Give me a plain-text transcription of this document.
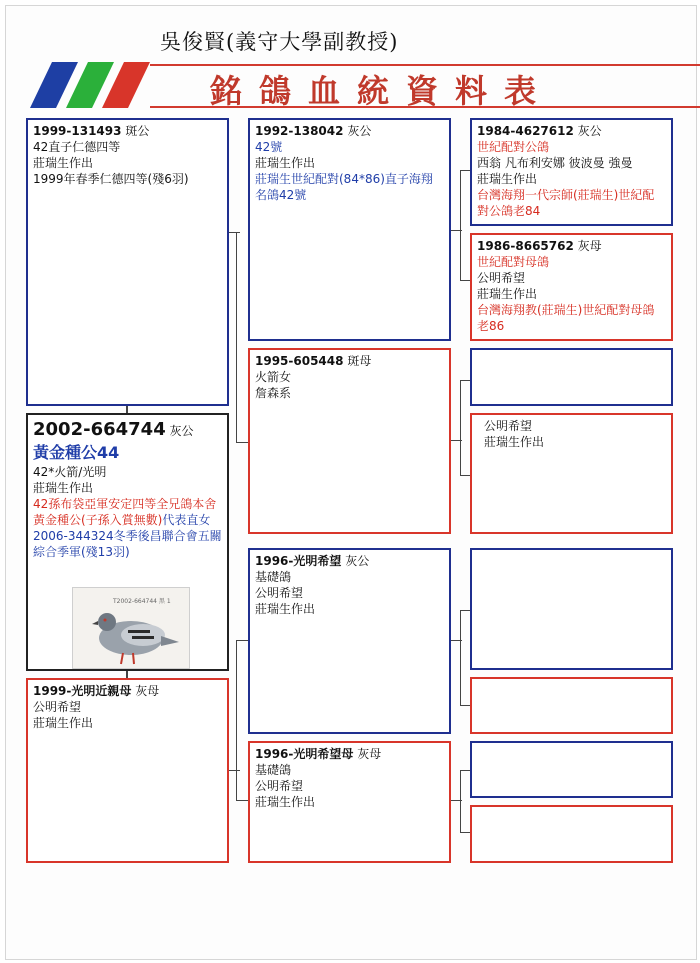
吳俊賢(義守大學副教授)
銘鴿血統資料表
1999-131493 斑公
42直子仁德四等
莊瑞生作出
1999年春季仁德四等(殘6羽)
2002-664744 灰公
黃金種公44
42*火箭/光明
莊瑞生作出
42孫布袋亞軍安定四等全兄鴿本舍黃金種公(子孫入賞無數)代表直女2006-344324冬季後昌聯合會五關綜合季軍(殘13羽)
T2002-664744 黑 1
1999-光明近親母 灰母
公明希望
莊瑞生作出
1992-138042 灰公
42號
莊瑞生作出
莊瑞生世紀配對(84*86)直子海翔名鴿42號
1995-605448 斑母
火箭女
詹森系
1996-光明希望 灰公
基礎鴿
公明希望
莊瑞生作出
1996-光明希望母 灰母
基礎鴿
公明希望
莊瑞生作出
1984-4627612 灰公
世紀配對公鴿
西翁 凡布利安娜 彼波曼 強曼
莊瑞生作出
台灣海翔一代宗師(莊瑞生)世紀配對公鴿老84
1986-8665762 灰母
世紀配對母鴿
公明希望
莊瑞生作出
台灣海翔教(莊瑞生)世紀配對母鴿老86
公明希望
莊瑞生作出
